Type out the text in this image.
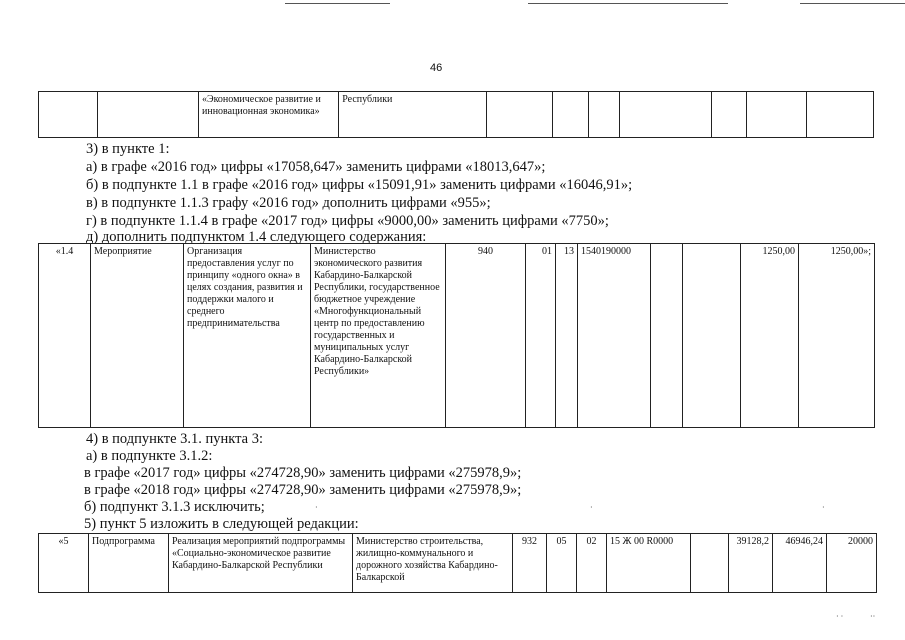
46
		«Экономическое развитие и инновационная экономика»	Республики							
3) в пункте 1:
а) в графе «2016 год» цифры «17058,647» заменить цифрами «18013,647»;
б) в подпункте 1.1 в графе «2016 год» цифры «15091,91» заменить цифрами «16046,91»;
в) в подпункте 1.1.3 графу «2016 год» дополнить цифрами «955»;
г) в подпункте 1.1.4 в графе «2017 год» цифры «9000,00» заменить цифрами «7750»;
д) дополнить подпунктом 1.4 следующего содержания:
«1.4	Мероприятие	Организация предоставления услуг по принципу «одного окна» в целях создания, развития и поддержки малого и среднего предпринимательства	Министерство экономического развития Кабардино-Балкарской Республики, государственное бюджетное учреждение «Многофункциональный центр по предоставлению государственных и муниципальных услуг Кабардино-Балкарской Республики»	940	01	13	1540190000			1250,00	1250,00»;
4) в подпункте 3.1. пункта 3:
а) в подпункте 3.1.2:
в графе «2017 год» цифры «274728,90» заменить цифрами «275978,9»;
в графе «2018 год» цифры «274728,90» заменить цифрами «275978,9»;
б) подпункт 3.1.3 исключить;
5) пункт 5 изложить в следующей редакции:
«5	Подпрограмма	Реализация мероприятий подпрограммы «Социально-экономическое развитие Кабардино-Балкарской Республики	Министерство строительства, жилищно-коммунального и дорожного хозяйства Кабардино-Балкарской	932	05	02	15 Ж 00 R0000		39128,2	46946,24	20000
·	·	·
· ·	··
